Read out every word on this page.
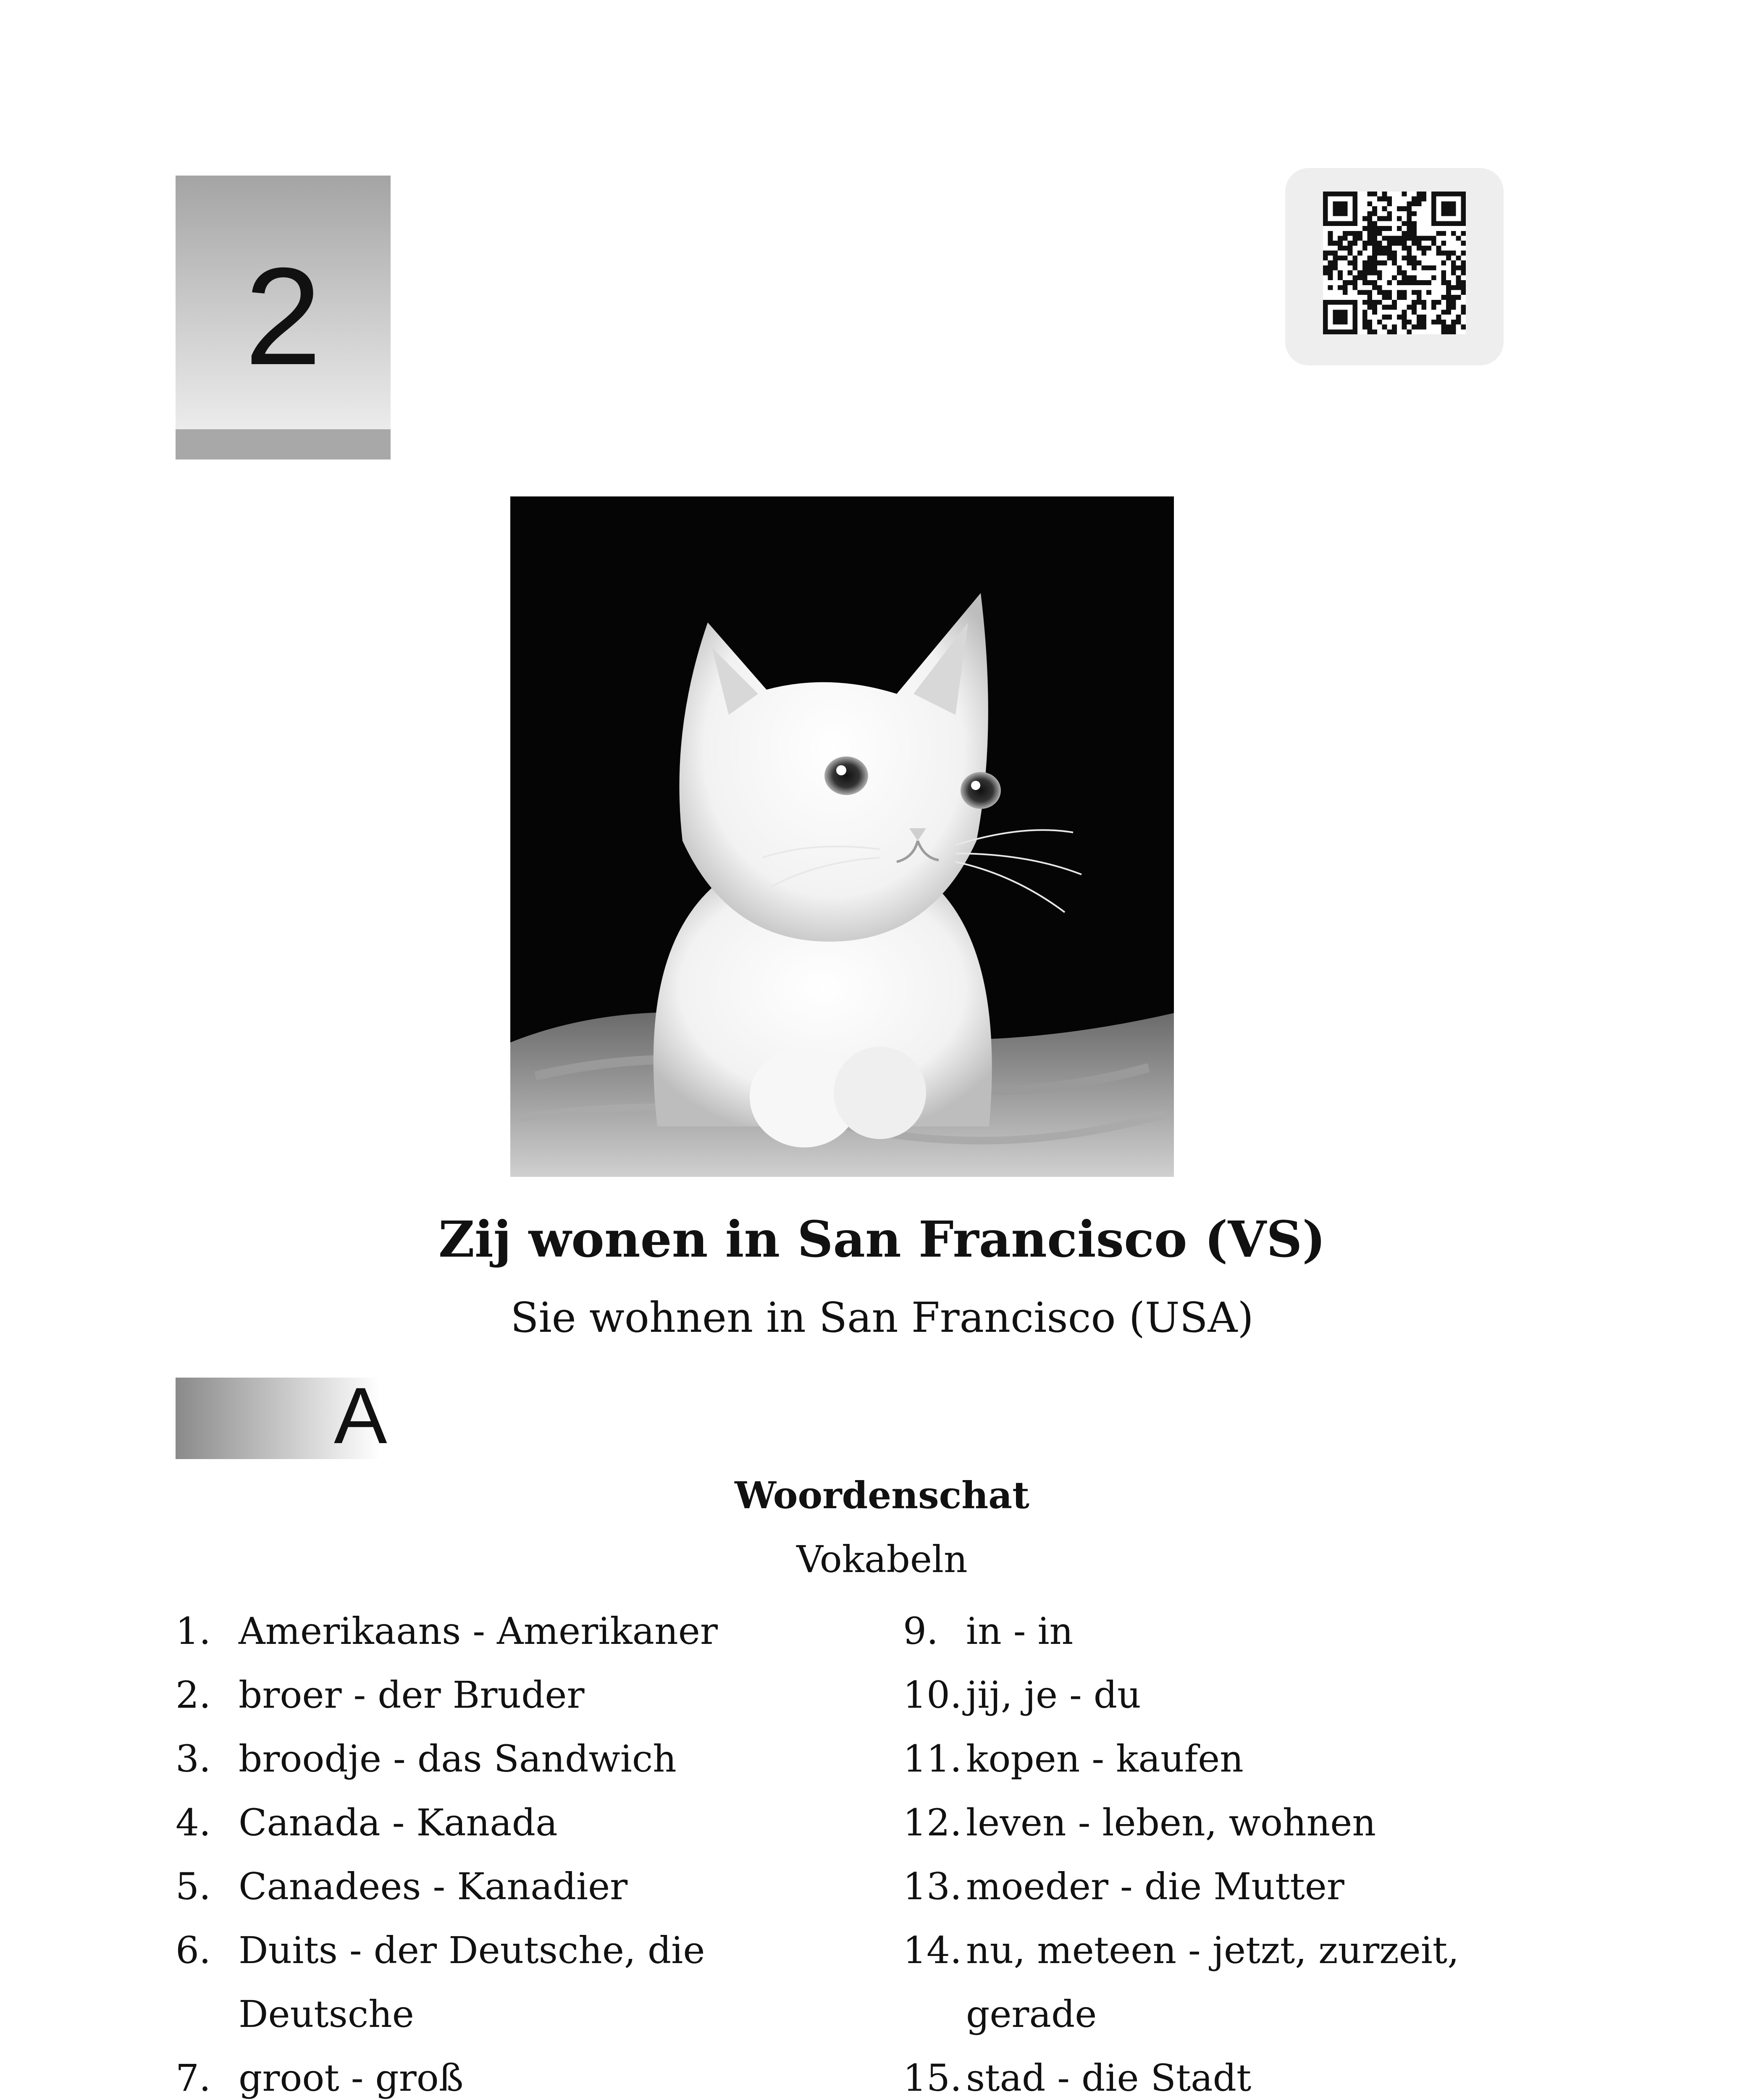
2
Zij wonen in San Francisco (VS)
Sie wohnen in San Francisco (USA)
A
Woordenschat
Vokabeln
1. Amerikaans - Amerikaner
2. broer - der Bruder
3. broodje - das Sandwich
4. Canada - Kanada
5. Canadees - Kanadier
6. Duits - der Deutsche, die Deutsche
7. groot - groß
9. in - in
10. jij, je - du
11. kopen - kaufen
12. leven - leben, wohnen
13. moeder - die Mutter
14. nu, meteen - jetzt, zurzeit, gerade
15. stad - die Stadt
